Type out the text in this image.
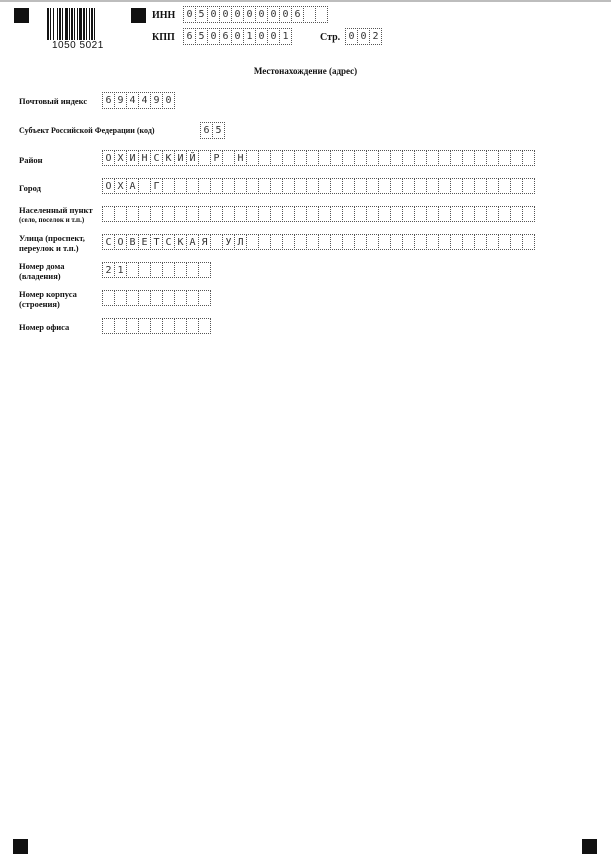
1050 5021
ИНН	0 5 0 0 0 0 0 0 0 6
КПП	6 5 0 6 0 1 0 0 1	Стр. 0 0 2
Местонахождение (адрес)
Почтовый индекс	6 9 4 4 9 0
Субъект Российской Федерации (код)	6 5
Район	О Х И Н С К И Й	Р	Н
Город	О Х А	Г
Населенный пункт
(село, поселок и т.п.)
Улица (проспект,
переулок и т.п.)	С О В Е Т С К А Я	У Л
Номер дома
(владения)	2 1
Номер корпуса
(строения)
Номер офиса
